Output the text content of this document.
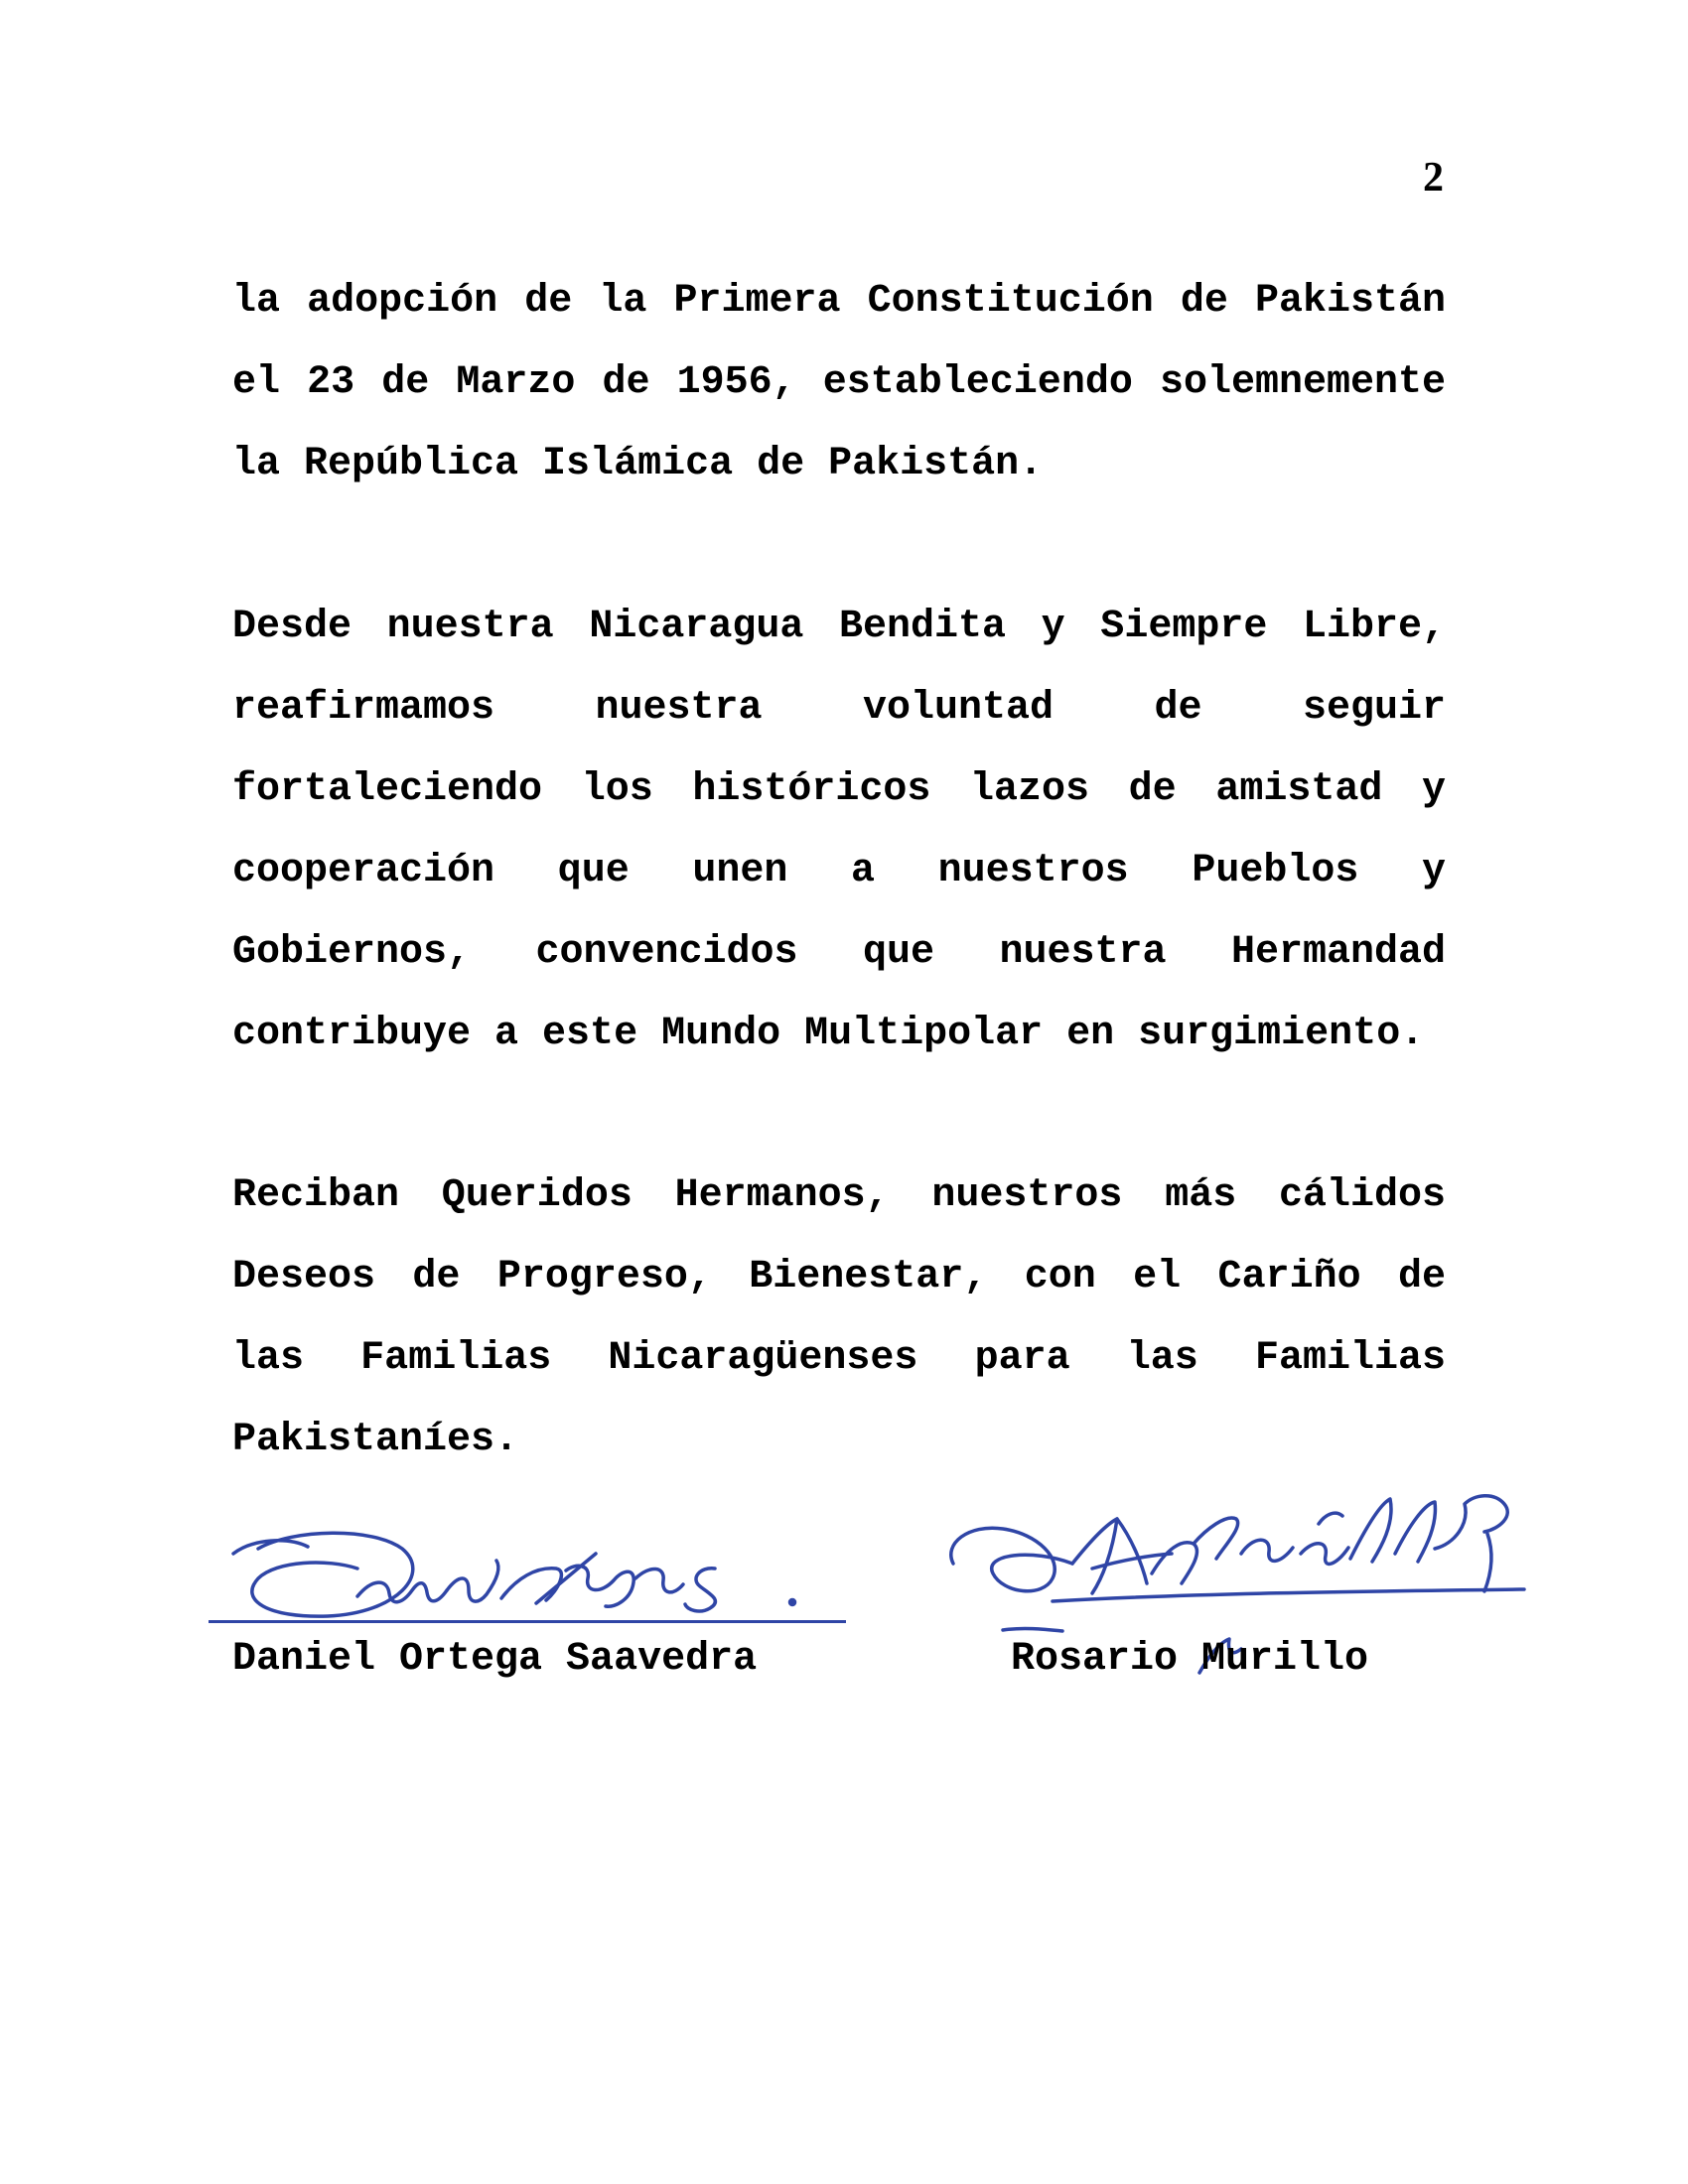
2

la adopción de la Primera Constitución de Pakistán el 23 de Marzo de 1956, estableciendo solemnemente la República Islámica de Pakistán.

Desde nuestra Nicaragua Bendita y Siempre Libre, reafirmamos nuestra voluntad de seguir fortaleciendo los históricos lazos de amistad y cooperación que unen a nuestros Pueblos y Gobiernos, convencidos que nuestra Hermandad contribuye a este Mundo Multipolar en surgimiento.

Reciban Queridos Hermanos, nuestros más cálidos Deseos de Progreso, Bienestar, con el Cariño de las Familias Nicaragüenses para las Familias Pakistaníes.

Daniel Ortega Saavedra	Rosario Murillo
